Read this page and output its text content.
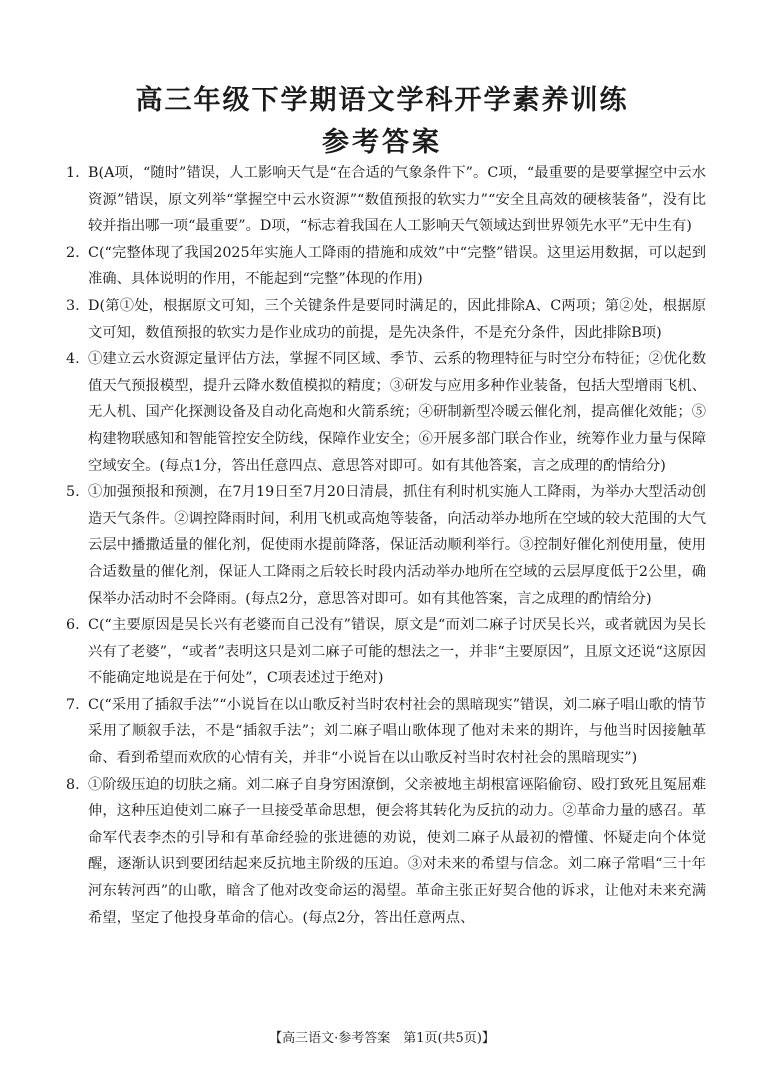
高三年级下学期语文学科开学素养训练
参考答案
1. B(A项，“随时”错误，人工影响天气是“在合适的气象条件下”。C项，“最重要的是要掌握空中云水资源”错误，原文列举“掌握空中云水资源”“数值预报的软实力”“安全且高效的硬核装备”，没有比较并指出哪一项“最重要”。D项，“标志着我国在人工影响天气领域达到世界领先水平”无中生有)
2. C(“完整体现了我国2025年实施人工降雨的措施和成效”中“完整”错误。这里运用数据，可以起到准确、具体说明的作用，不能起到“完整”体现的作用)
3. D(第①处，根据原文可知，三个关键条件是要同时满足的，因此排除A、C两项；第②处，根据原文可知，数值预报的软实力是作业成功的前提，是先决条件，不是充分条件，因此排除B项)
4. ①建立云水资源定量评估方法，掌握不同区域、季节、云系的物理特征与时空分布特征；②优化数值天气预报模型，提升云降水数值模拟的精度；③研发与应用多种作业装备，包括大型增雨飞机、无人机、国产化探测设备及自动化高炮和火箭系统；④研制新型冷暖云催化剂，提高催化效能；⑤构建物联感知和智能管控安全防线，保障作业安全；⑥开展多部门联合作业，统筹作业力量与保障空域安全。(每点1分，答出任意四点、意思答对即可。如有其他答案，言之成理的酌情给分)
5. ①加强预报和预测，在7月19日至7月20日清晨，抓住有利时机实施人工降雨，为举办大型活动创造天气条件。②调控降雨时间，利用飞机或高炮等装备，向活动举办地所在空域的较大范围的大气云层中播撒适量的催化剂，促使雨水提前降落，保证活动顺利举行。③控制好催化剂使用量，使用合适数量的催化剂，保证人工降雨之后较长时段内活动举办地所在空域的云层厚度低于2公里，确保举办活动时不会降雨。(每点2分，意思答对即可。如有其他答案，言之成理的酌情给分)
6. C(“主要原因是吴长兴有老婆而自己没有”错误，原文是“而刘二麻子讨厌吴长兴，或者就因为吴长兴有了老婆”，“或者”表明这只是刘二麻子可能的想法之一，并非“主要原因”，且原文还说“这原因不能确定地说是在于何处”，C项表述过于绝对)
7. C(“采用了插叙手法”“小说旨在以山歌反衬当时农村社会的黑暗现实”错误，刘二麻子唱山歌的情节采用了顺叙手法，不是“插叙手法”；刘二麻子唱山歌体现了他对未来的期许，与他当时因接触革命、看到希望而欢欣的心情有关，并非“小说旨在以山歌反衬当时农村社会的黑暗现实”)
8. ①阶级压迫的切肤之痛。刘二麻子自身穷困潦倒，父亲被地主胡根富诬陷偷窃、殴打致死且冤屈难伸，这种压迫使刘二麻子一旦接受革命思想，便会将其转化为反抗的动力。②革命力量的感召。革命军代表李杰的引导和有革命经验的张进德的劝说，使刘二麻子从最初的懵懂、怀疑走向个体觉醒，逐渐认识到要团结起来反抗地主阶级的压迫。③对未来的希望与信念。刘二麻子常唱“三十年河东转河西”的山歌，暗含了他对改变命运的渴望。革命主张正好契合他的诉求，让他对未来充满希望，坚定了他投身革命的信心。(每点2分，答出任意两点、
【高三语文·参考答案　第1页(共5页)】
